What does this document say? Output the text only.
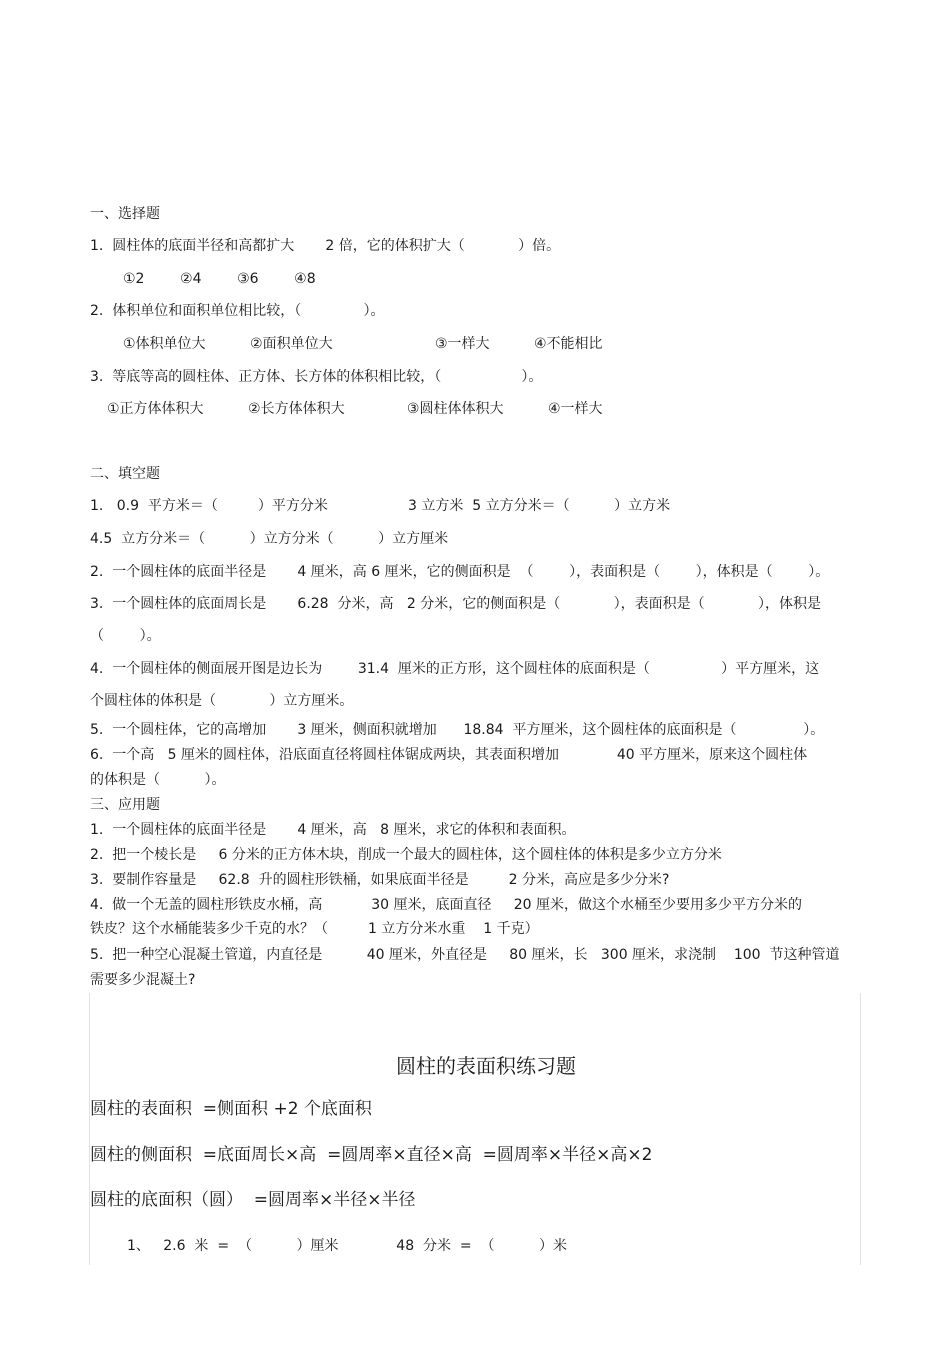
一、选择题
1.  圆柱体的底面半径和高都扩大       2 倍，它的体积扩大（            ）倍。
①2        ②4        ③6        ④8
2.  体积单位和面积单位相比较，（              ）。
①体积单位大          ②面积单位大                       ③一样大          ④不能相比
3.  等底等高的圆柱体、正方体、长方体的体积相比较，（                  ）。
①正方体体积大          ②长方体体积大              ③圆柱体体积大          ④一样大
二、填空题
1.   0.9  平方米＝（         ）平方分米                  3 立方米  5 立方分米＝（          ）立方米
4.5  立方分米＝（          ）立方分米（          ）立方厘米
2.  一个圆柱体的底面半径是       4 厘米，高 6 厘米，它的侧面积是  （        ），表面积是（        ），体积是（        ）。
3.  一个圆柱体的底面周长是       6.28  分米，高   2 分米，它的侧面积是（            ），表面积是（            ），体积是
（        ）。
4.  一个圆柱体的侧面展开图是边长为        31.4  厘米的正方形，这个圆柱体的底面积是（                ）平方厘米，这
个圆柱体的体积是（            ）立方厘米。
5.  一个圆柱体，它的高增加       3 厘米，侧面积就增加      18.84  平方厘米，这个圆柱体的底面积是（               ）。
6.  一个高   5 厘米的圆柱体，沿底面直径将圆柱体锯成两块，其表面积增加             40 平方厘米，原来这个圆柱体
的体积是（          ）。
三、应用题
1.  一个圆柱体的底面半径是       4 厘米，高   8 厘米，求它的体积和表面积。
2.  把一个棱长是     6 分米的正方体木块，削成一个最大的圆柱体，这个圆柱体的体积是多少立方分米
3.  要制作容量是     62.8  升的圆柱形铁桶，如果底面半径是         2 分米，高应是多少分米?
4.  做一个无盖的圆柱形铁皮水桶，高           30 厘米，底面直径     20 厘米，做这个水桶至少要用多少平方分米的
铁皮？这个水桶能装多少千克的水？（         1 立方分米水重    1 千克）
5.  把一种空心混凝土管道，内直径是          40 厘米，外直径是     80 厘米，长   300 厘米，求浇制    100  节这种管道
需要多少混凝土?
圆柱的表面积练习题
圆柱的表面积  =侧面积 +2 个底面积
圆柱的侧面积  =底面周长×高  =圆周率×直径×高  =圆周率×半径×高×2
圆柱的底面积（圆）  =圆周率×半径×半径
1、   2.6  米  =  （          ）厘米             48  分米  =  （          ）米
